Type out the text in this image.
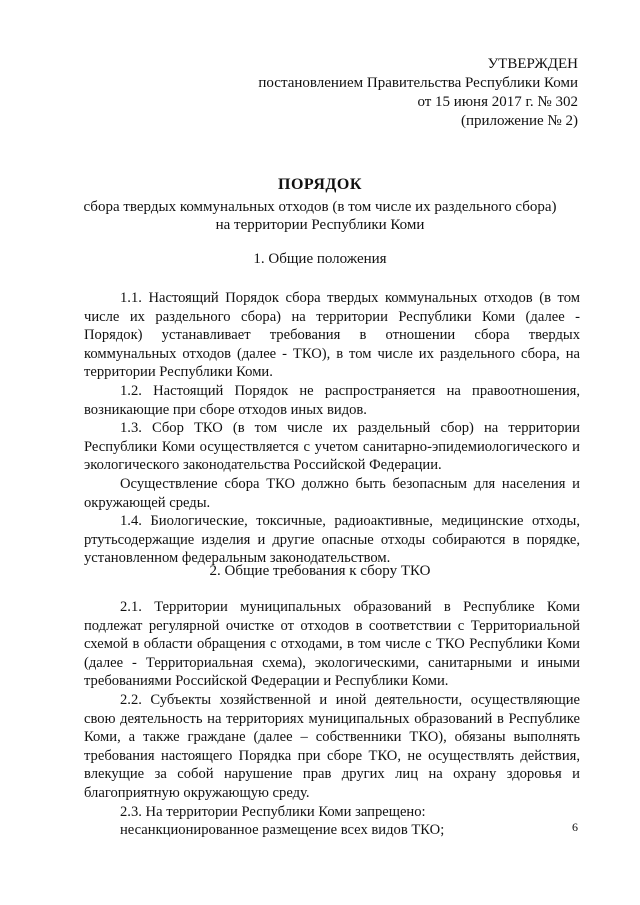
УТВЕРЖДЕН
постановлением Правительства Республики Коми
от 15 июня 2017 г. № 302
(приложение № 2)
ПОРЯДОК
сбора твердых коммунальных отходов (в том числе их раздельного сбора)
на территории Республики Коми
1. Общие положения

1.1. Настоящий Порядок сбора твердых коммунальных отходов (в том числе их раздельного сбора) на территории Республики Коми (далее - Порядок) устанавливает требования в отношении сбора твердых коммунальных отходов (далее - ТКО), в том числе их раздельного сбора, на территории Республики Коми.

1.2. Настоящий Порядок не распространяется на правоотношения, возникающие при сборе отходов иных видов.

1.3. Сбор ТКО (в том числе их раздельный сбор) на территории Республики Коми осуществляется с учетом санитарно-эпидемиологического и экологического законодательства Российской Федерации.

Осуществление сбора ТКО должно быть безопасным для населения и окружающей среды.

1.4. Биологические, токсичные, радиоактивные, медицинские отходы, ртутьсодержащие изделия и другие опасные отходы собираются в порядке, установленном федеральным законодательством.

2. Общие требования к сбору ТКО

2.1. Территории муниципальных образований в Республике Коми подлежат регулярной очистке от отходов в соответствии с Территориальной схемой в области обращения с отходами, в том числе с ТКО Республики Коми (далее - Территориальная схема), экологическими, санитарными и иными требованиями Российской Федерации и Республики Коми.

2.2. Субъекты хозяйственной и иной деятельности, осуществляющие свою деятельность на территориях муниципальных образований в Республике Коми, а также граждане (далее – собственники ТКО), обязаны выполнять требования настоящего Порядка при сборе ТКО, не осуществлять действия, влекущие за собой нарушение прав других лиц на охрану здоровья и благоприятную окружающую среду.

2.3. На территории Республики Коми запрещено:

несанкционированное размещение всех видов ТКО;	6
